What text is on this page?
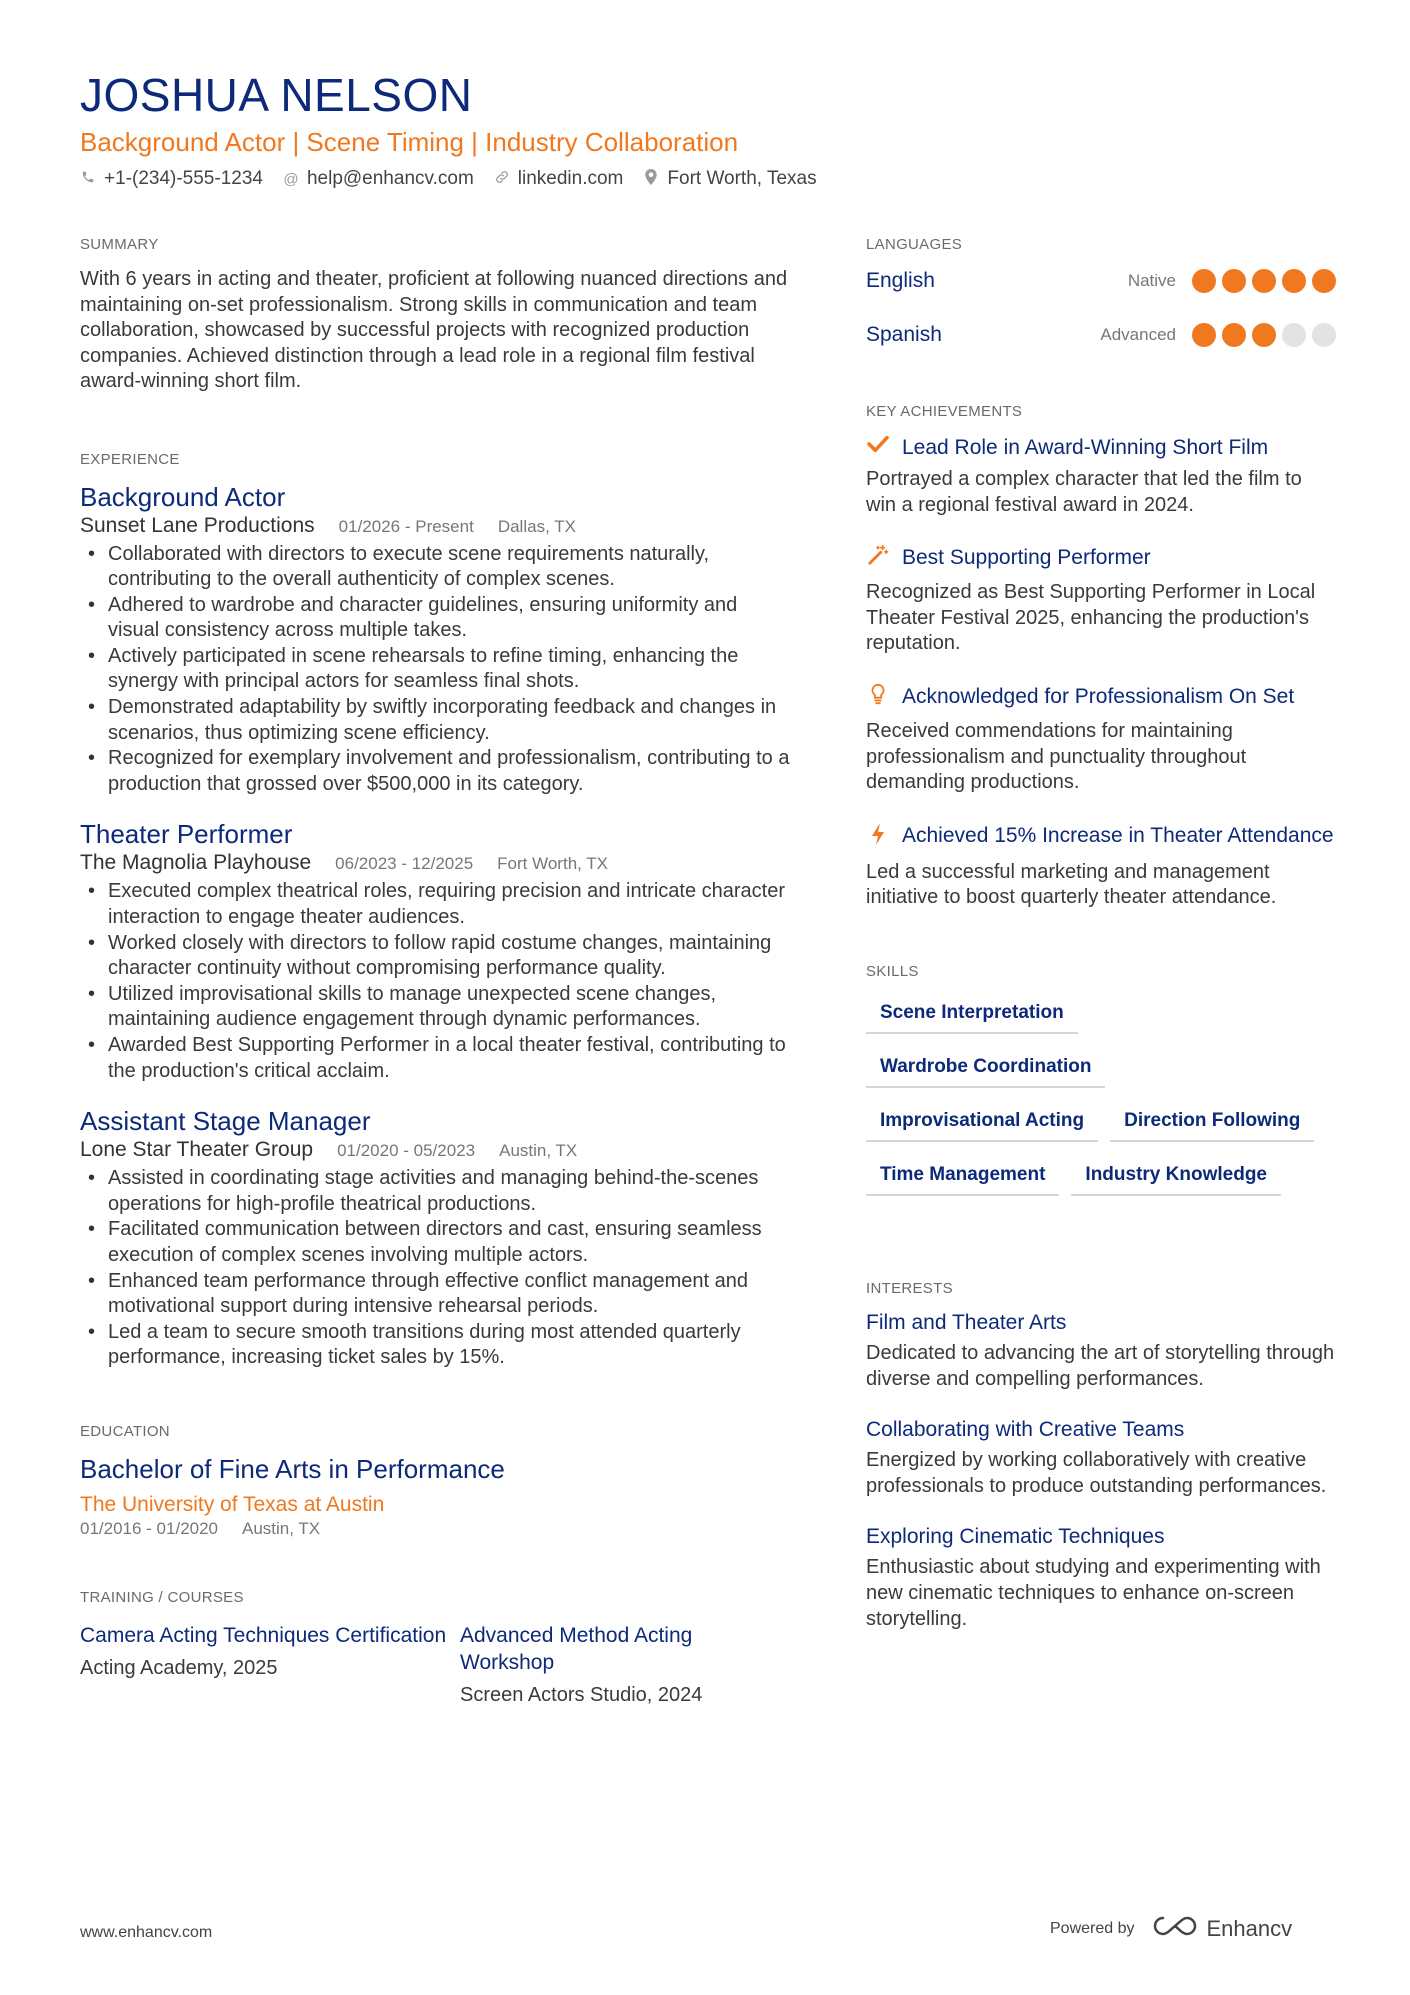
JOSHUA NELSON
Background Actor | Scene Timing | Industry Collaboration
+1-(234)-555-1234 @ help@enhancv.com linkedin.com Fort Worth, Texas
SUMMARY
With 6 years in acting and theater, proficient at following nuanced directions and maintaining on-set professionalism. Strong skills in communication and team collaboration, showcased by successful projects with recognized production companies. Achieved distinction through a lead role in a regional film festival award-winning short film.
EXPERIENCE
Background Actor
Sunset Lane Productions 01/2026 - Present Dallas, TX
• Collaborated with directors to execute scene requirements naturally, contributing to the overall authenticity of complex scenes.
• Adhered to wardrobe and character guidelines, ensuring uniformity and visual consistency across multiple takes.
• Actively participated in scene rehearsals to refine timing, enhancing the synergy with principal actors for seamless final shots.
• Demonstrated adaptability by swiftly incorporating feedback and changes in scenarios, thus optimizing scene efficiency.
• Recognized for exemplary involvement and professionalism, contributing to a production that grossed over $500,000 in its category.
Theater Performer
The Magnolia Playhouse 06/2023 - 12/2025 Fort Worth, TX
• Executed complex theatrical roles, requiring precision and intricate character interaction to engage theater audiences.
• Worked closely with directors to follow rapid costume changes, maintaining character continuity without compromising performance quality.
• Utilized improvisational skills to manage unexpected scene changes, maintaining audience engagement through dynamic performances.
• Awarded Best Supporting Performer in a local theater festival, contributing to the production's critical acclaim.
Assistant Stage Manager
Lone Star Theater Group 01/2020 - 05/2023 Austin, TX
• Assisted in coordinating stage activities and managing behind-the-scenes operations for high-profile theatrical productions.
• Facilitated communication between directors and cast, ensuring seamless execution of complex scenes involving multiple actors.
• Enhanced team performance through effective conflict management and motivational support during intensive rehearsal periods.
• Led a team to secure smooth transitions during most attended quarterly performance, increasing ticket sales by 15%.
EDUCATION
Bachelor of Fine Arts in Performance
The University of Texas at Austin
01/2016 - 01/2020 Austin, TX
TRAINING / COURSES
Camera Acting Techniques Certification
Acting Academy, 2025
Advanced Method Acting Workshop
Screen Actors Studio, 2024
LANGUAGES
English	Native
Spanish	Advanced
KEY ACHIEVEMENTS
Lead Role in Award-Winning Short Film
Portrayed a complex character that led the film to win a regional festival award in 2024.
Best Supporting Performer
Recognized as Best Supporting Performer in Local Theater Festival 2025, enhancing the production's reputation.
Acknowledged for Professionalism On Set
Received commendations for maintaining professionalism and punctuality throughout demanding productions.
Achieved 15% Increase in Theater Attendance
Led a successful marketing and management initiative to boost quarterly theater attendance.
SKILLS
Scene Interpretation
Wardrobe Coordination
Improvisational Acting	Direction Following
Time Management	Industry Knowledge
INTERESTS
Film and Theater Arts
Dedicated to advancing the art of storytelling through diverse and compelling performances.
Collaborating with Creative Teams
Energized by working collaboratively with creative professionals to produce outstanding performances.
Exploring Cinematic Techniques
Enthusiastic about studying and experimenting with new cinematic techniques to enhance on-screen storytelling.
www.enhancv.com	Powered by	Enhancv
